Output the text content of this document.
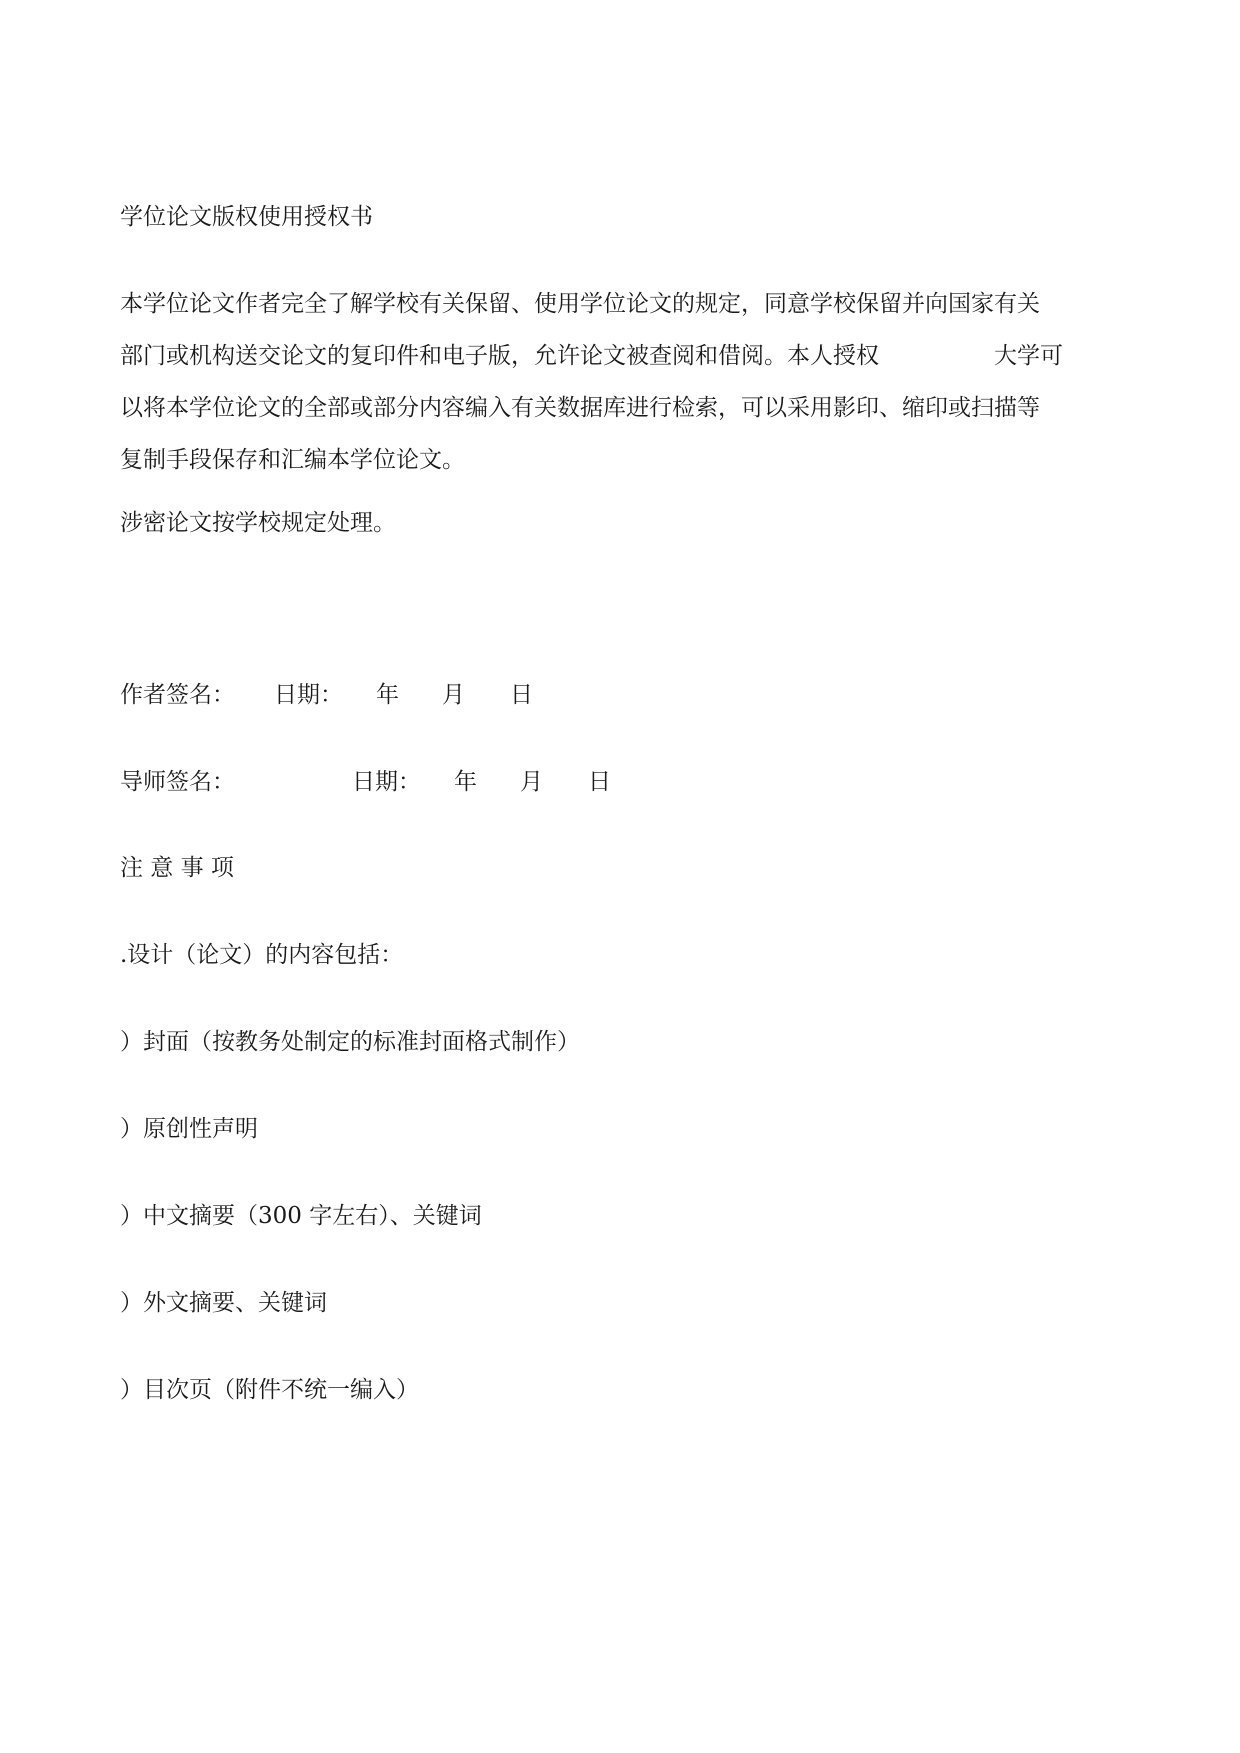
学位论文版权使用授权书

本学位论文作者完全了解学校有关保留、使用学位论文的规定，同意学校保留并向国家有关
部门或机构送交论文的复印件和电子版，允许论文被查阅和借阅。本人授权　　　　　大学可
以将本学位论文的全部或部分内容编入有关数据库进行检索，可以采用影印、缩印或扫描等
复制手段保存和汇编本学位论文。

涉密论文按学校规定处理。

作者签名： 日期： 年 月 日
导师签名：	日期： 年 月 日

注 意 事 项

.设计（论文）的内容包括：

）封面（按教务处制定的标准封面格式制作）

）原创性声明

）中文摘要（300 字左右）、关键词

）外文摘要、关键词

）目次页（附件不统一编入）
